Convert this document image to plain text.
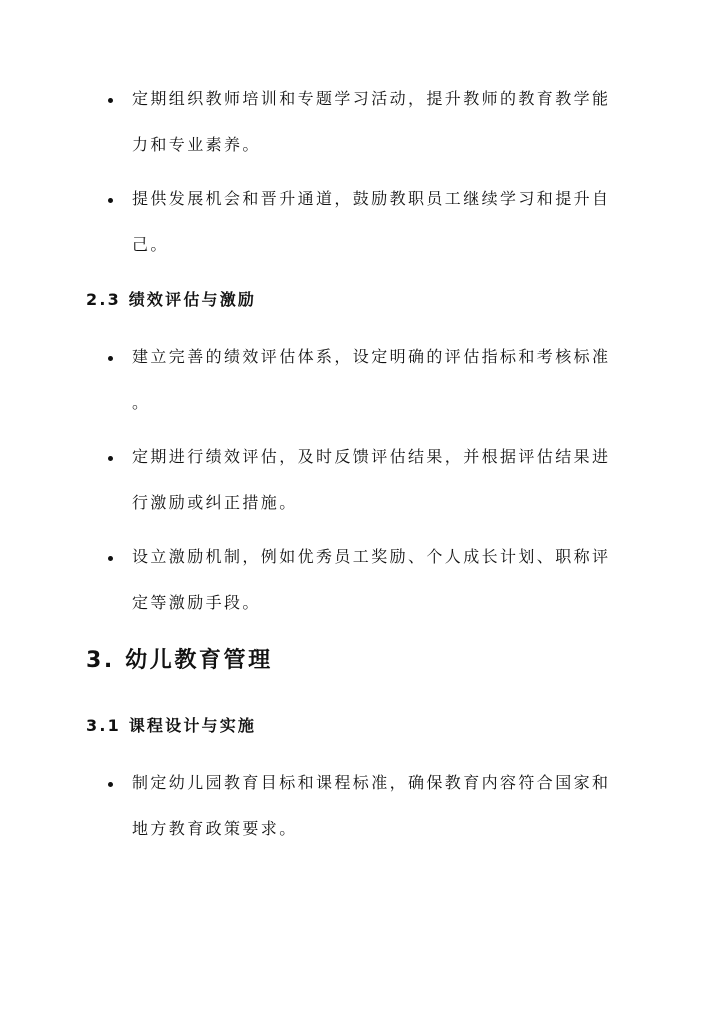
定期组织教师培训和专题学习活动，提升教师的教育教学能
力和专业素养。
提供发展机会和晋升通道，鼓励教职员工继续学习和提升自
己。
2.3 绩效评估与激励
建立完善的绩效评估体系，设定明确的评估指标和考核标准
。
定期进行绩效评估，及时反馈评估结果，并根据评估结果进
行激励或纠正措施。
设立激励机制，例如优秀员工奖励、个人成长计划、职称评
定等激励手段。
3. 幼儿教育管理
3.1 课程设计与实施
制定幼儿园教育目标和课程标准，确保教育内容符合国家和
地方教育政策要求。
